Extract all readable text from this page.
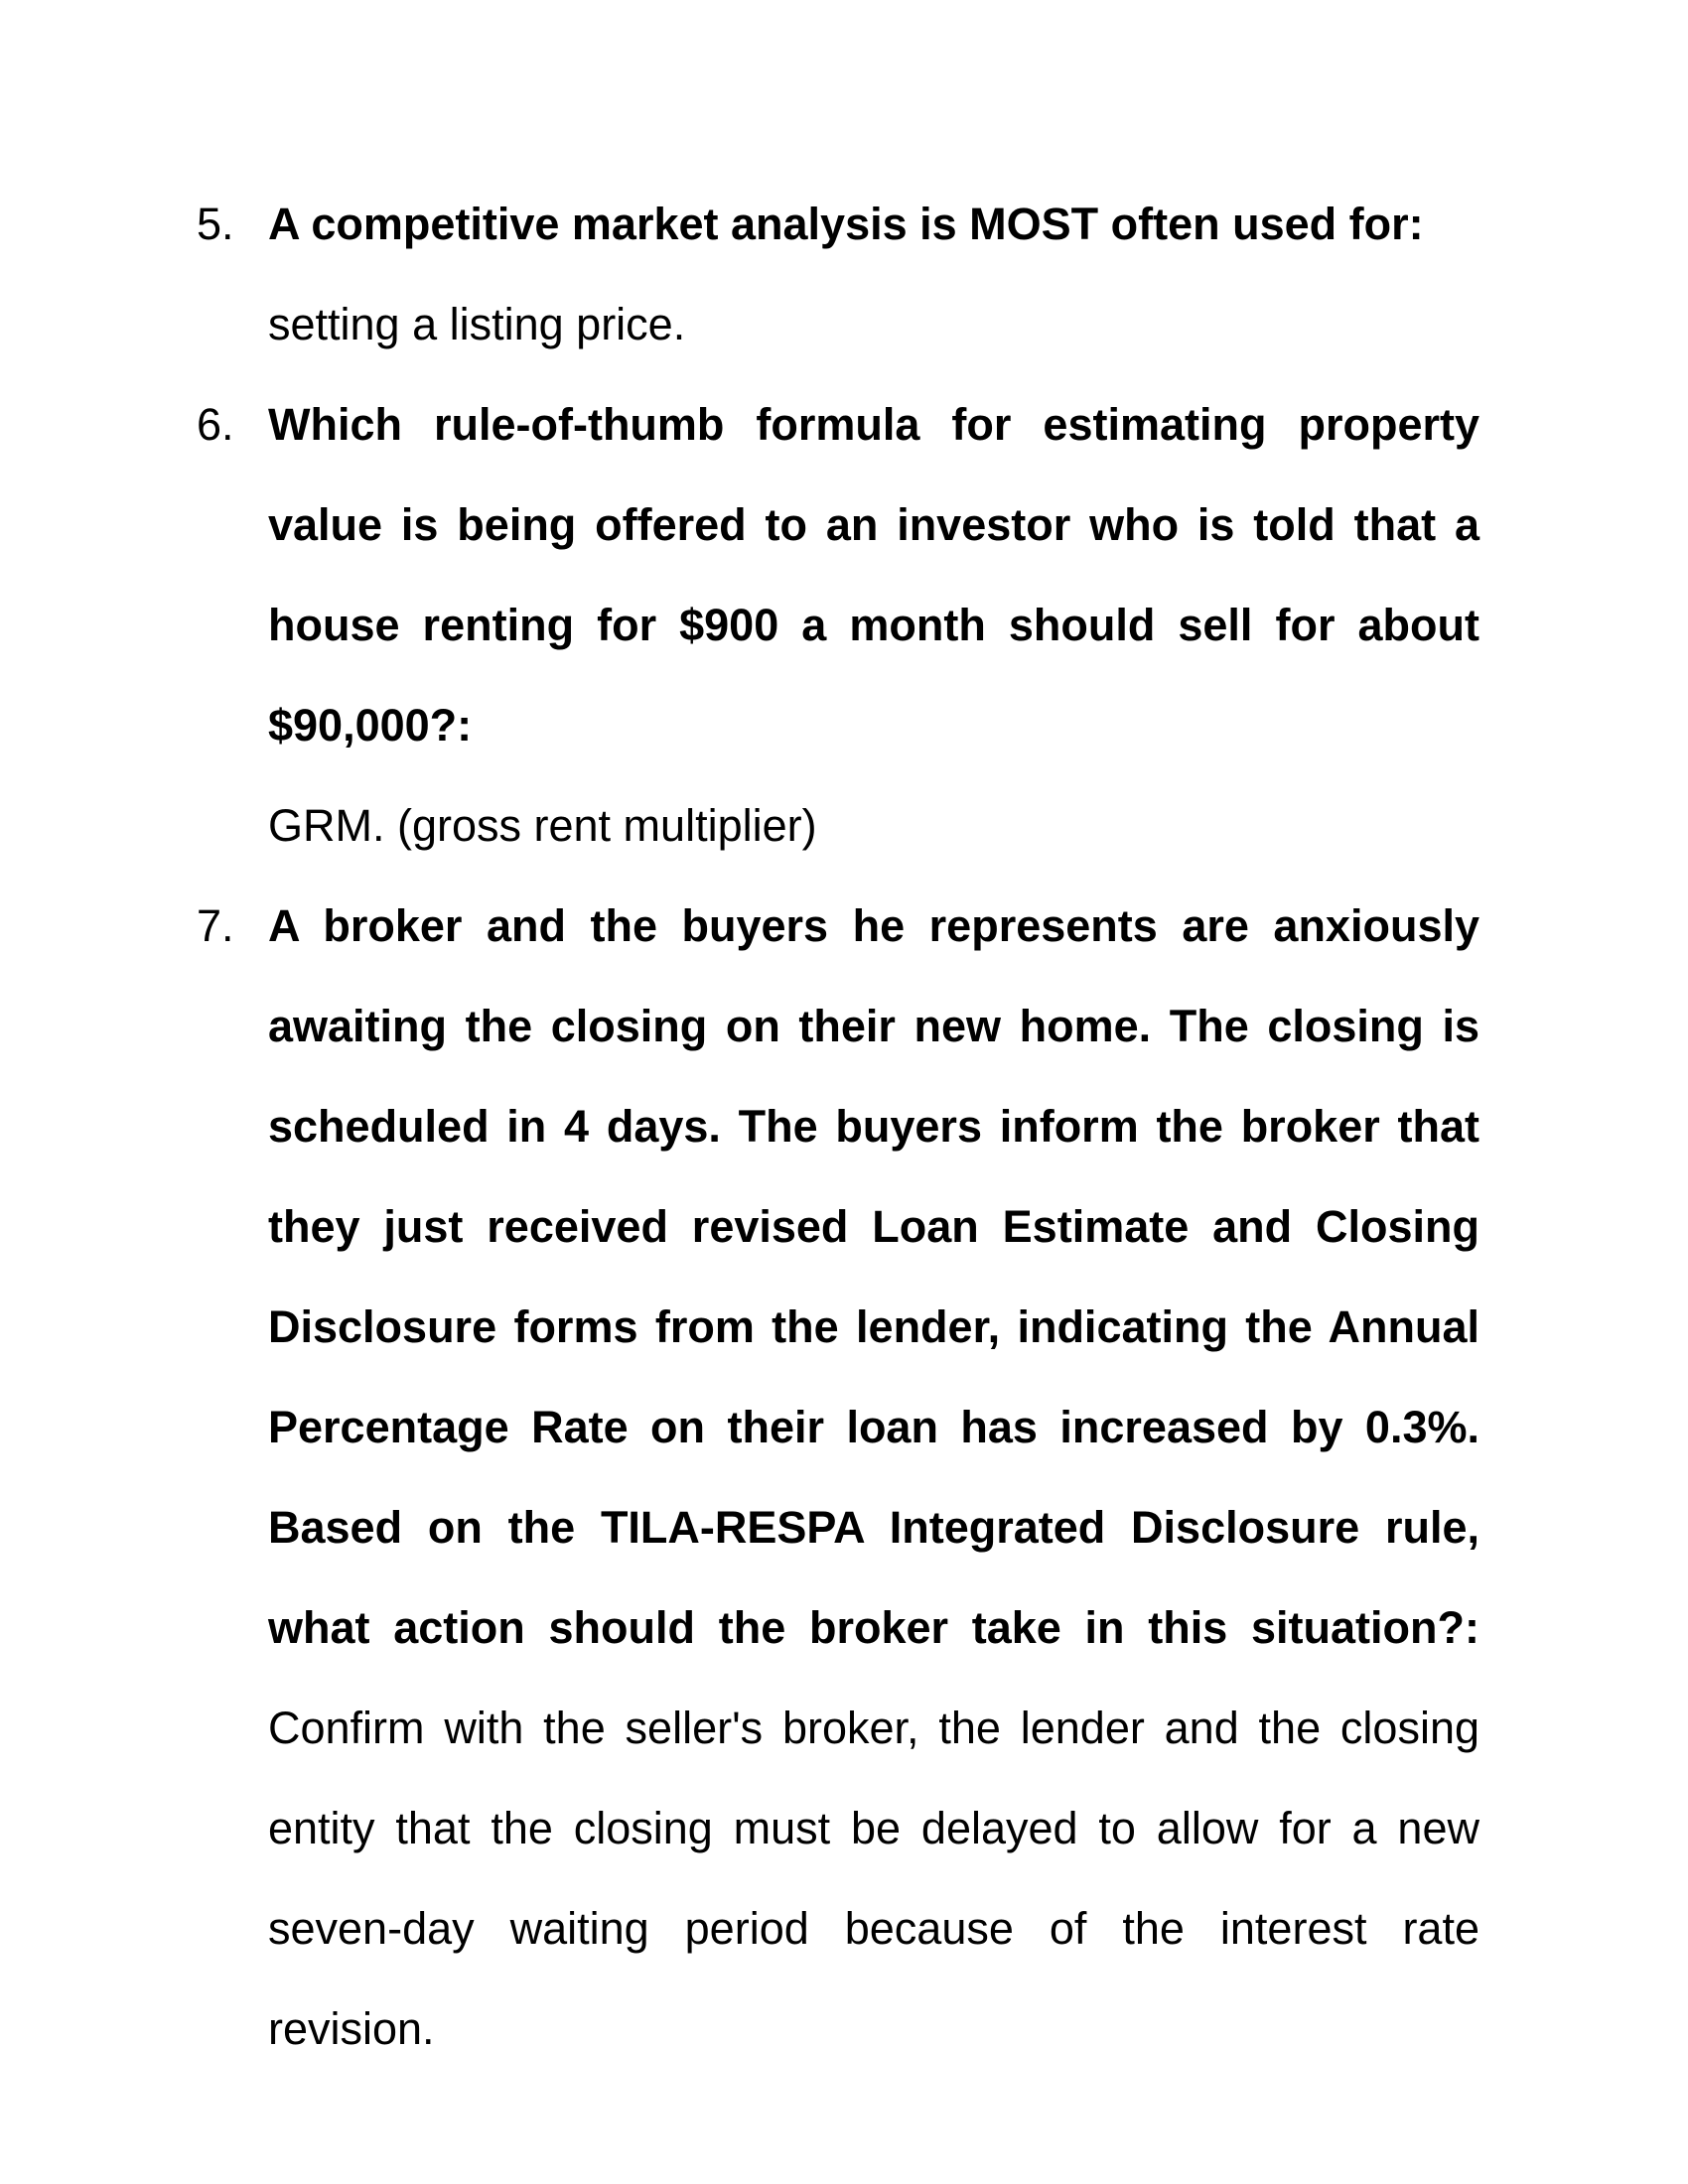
5. A competitive market analysis is MOST often used for:
setting a listing price.
6. Which rule-of-thumb formula for estimating property value is being offered to an investor who is told that a house renting for $900 a month should sell for about $90,000?:
GRM. (gross rent multiplier)
7. A broker and the buyers he represents are anxiously awaiting the closing on their new home. The closing is scheduled in 4 days. The buyers inform the broker that they just received revised Loan Estimate and Closing Disclosure forms from the lender, indicating the Annual Percentage Rate on their loan has increased by 0.3%. Based on the TILA-RESPA Integrated Disclosure rule, what action should the broker take in this situation?: Confirm with the seller's broker, the lender and the closing entity that the closing must be delayed to allow for a new seven-day waiting period because of the interest rate revision.
